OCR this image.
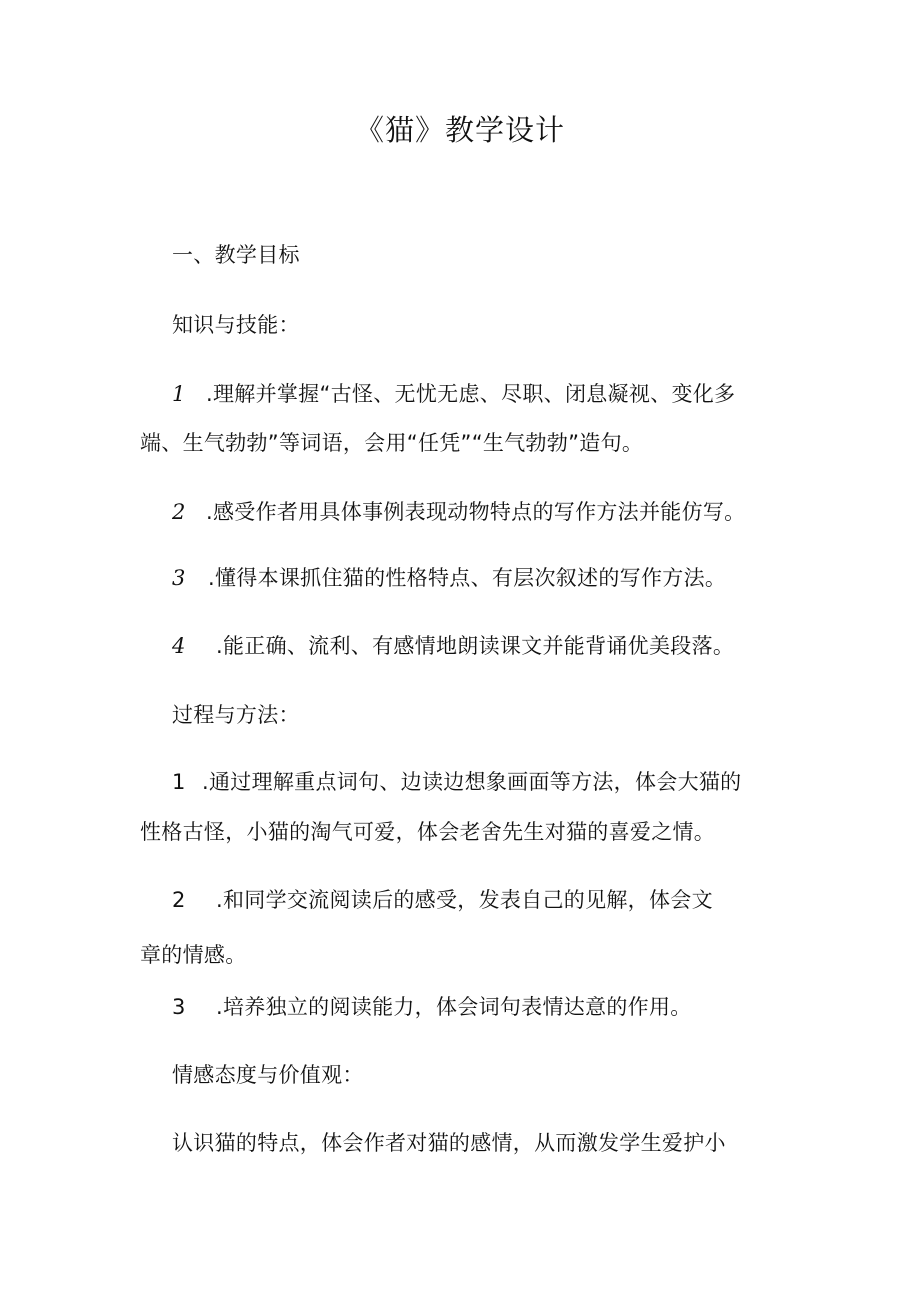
《猫》教学设计
一、教学目标
知识与技能：
1 .理解并掌握“古怪、无忧无虑、尽职、闭息凝视、变化多
端、生气勃勃”等词语，会用“任凭”“生气勃勃”造句。
2 .感受作者用具体事例表现动物特点的写作方法并能仿写。
3 .懂得本课抓住猫的性格特点、有层次叙述的写作方法。
4 .能正确、流利、有感情地朗读课文并能背诵优美段落。
过程与方法：
1 .通过理解重点词句、边读边想象画面等方法，体会大猫的
性格古怪，小猫的淘气可爱，体会老舍先生对猫的喜爱之情。
2 .和同学交流阅读后的感受，发表自己的见解，体会文
章的情感。
3 .培养独立的阅读能力，体会词句表情达意的作用。
情感态度与价值观：
认识猫的特点，体会作者对猫的感情，从而激发学生爱护小
